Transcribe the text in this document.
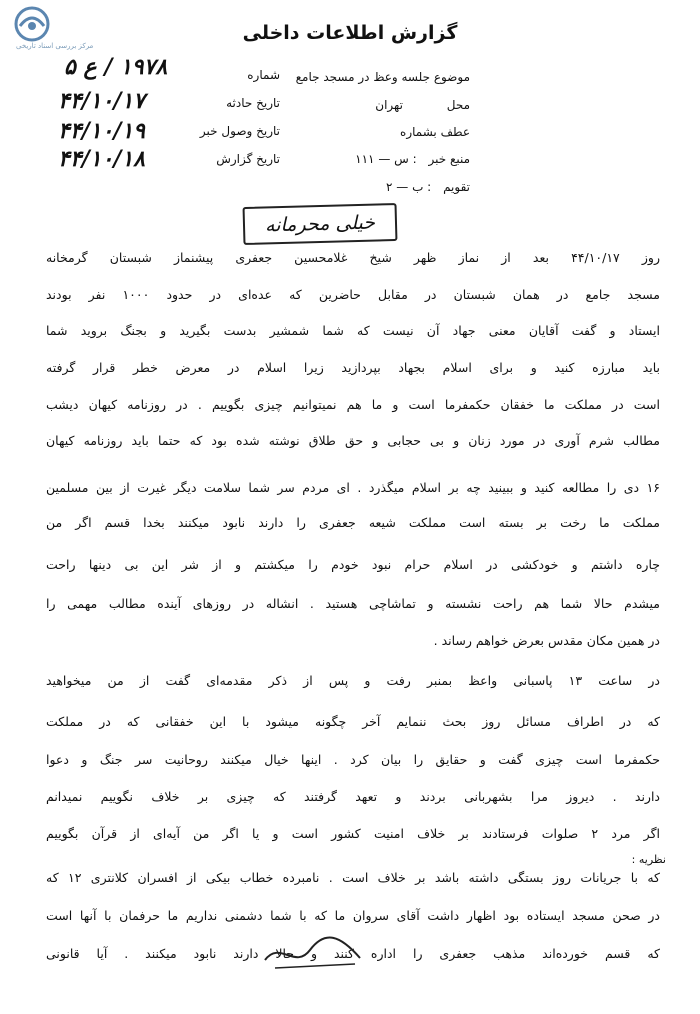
مرکز بررسی اسناد تاریخی
گزارش اطلاعات داخلی
موضوع جلسه وعظ در مسجد جامع
محل تهران
عطف بشماره
منبع خبر : س — ۱۱۱
تقویم : ب — ۲
شماره
تاریخ حادثه
تاریخ وصول خبر
تاریخ گزارش
۱۹۷۸ / ع ۵
۴۴/۱۰/۱۷
۴۴/۱۰/۱۹
۴۴/۱۰/۱۸
خیلی محرمانه
روز ۴۴/۱۰/۱۷ بعد از نماز ظهر شیخ غلامحسین جعفری پیشنماز شبستان گرمخانه
مسجد جامع در همان شبستان در مقابل حاضرین که عده‌ای در حدود ۱۰۰۰ نفر بودند
ایستاد و گفت آقایان معنی جهاد آن نیست که شما شمشیر بدست بگیرید و بجنگ بروید شما
باید مبارزه کنید و برای اسلام بجهاد بپردازید زیرا اسلام در معرض خطر قرار گرفته
است در مملکت ما خفقان حکمفرما است و ما هم نمیتوانیم چیزی بگوییم . در روزنامه کیهان دیشب
مطالب شرم آوری در مورد زنان و بی حجابی و حق طلاق نوشته شده بود که حتما باید روزنامه کیهان
۱۶ دی را مطالعه کنید و ببینید چه بر اسلام میگذرد . ای مردم سر شما سلامت دیگر غیرت از بین مسلمین
مملکت ما رخت بر بسته است مملکت شیعه جعفری را دارند نابود میکنند بخدا قسم اگر من
چاره داشتم و خودکشی در اسلام حرام نبود خودم را میکشتم و از شر این بی دینها راحت
میشدم حالا شما هم راحت نشسته و تماشاچی هستید . انشاله در روزهای آینده مطالب مهمی را
در همین مکان مقدس بعرض خواهم رساند .
در ساعت ۱۳ پاسبانی واعظ بمنبر رفت و پس از ذکر مقدمه‌ای گفت از من میخواهید
که در اطراف مسائل روز بحث ننمایم آخر چگونه میشود با این خفقانی که در مملکت
حکمفرما است چیزی گفت و حقایق را بیان کرد . اینها خیال میکنند روحانیت سر جنگ و دعوا
دارند . دیروز مرا بشهربانی بردند و تعهد گرفتند که چیزی بر خلاف نگوییم نمیدانم
اگر مرد ۲ صلوات فرستادند بر خلاف امنیت کشور است و یا اگر من آیه‌ای از قرآن بگوییم
نظریه :
که با جریانات روز بستگی داشته باشد بر خلاف است . نامبرده خطاب بیکی از افسران کلانتری ۱۲ که
در صحن مسجد ایستاده بود اظهار داشت آقای سروان ما که با شما دشمنی نداریم ما حرفمان با آنها است
که قسم خورده‌اند مذهب جعفری را اداره کنند و حالا دارند نابود میکنند . آیا قانونی
